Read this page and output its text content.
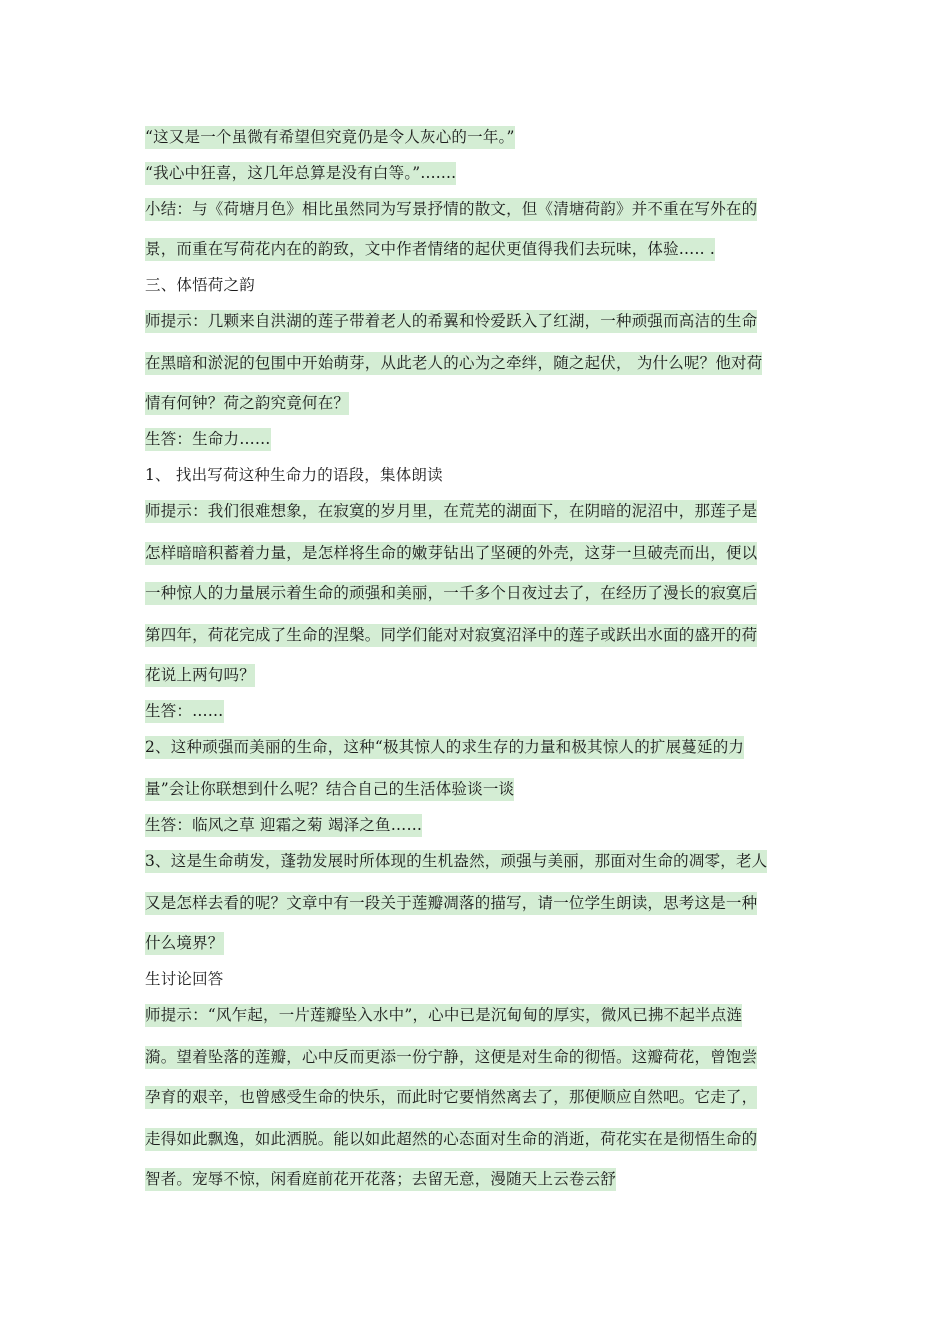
“这又是一个虽微有希望但究竟仍是令人灰心的一年。”
“我心中狂喜，这几年总算是没有白等。”.......
小结：与《荷塘月色》相比虽然同为写景抒情的散文，但《清塘荷韵》并不重在写外在的
景，而重在写荷花内在的韵致，文中作者情绪的起伏更值得我们去玩味，体验….. .
三、体悟荷之韵
师提示：几颗来自洪湖的莲子带着老人的希翼和怜爱跃入了红湖，一种顽强而高洁的生命
在黑暗和淤泥的包围中开始萌芽，从此老人的心为之牵绊，随之起伏， 为什么呢？他对荷
情有何钟？荷之韵究竟何在？
生答：生命力……
1、 找出写荷这种生命力的语段，集体朗读
师提示：我们很难想象，在寂寞的岁月里，在荒芜的湖面下，在阴暗的泥沼中，那莲子是
怎样暗暗积蓄着力量，是怎样将生命的嫩芽钻出了坚硬的外壳，这芽一旦破壳而出，便以
一种惊人的力量展示着生命的顽强和美丽，一千多个日夜过去了，在经历了漫长的寂寞后
第四年，荷花完成了生命的涅槃。同学们能对对寂寞沼泽中的莲子或跃出水面的盛开的荷
花说上两句吗？
生答：……
2、这种顽强而美丽的生命，这种“极其惊人的求生存的力量和极其惊人的扩展蔓延的力
量”会让你联想到什么呢？结合自己的生活体验谈一谈
生答：临风之草 迎霜之菊 竭泽之鱼……
3、这是生命萌发，蓬勃发展时所体现的生机盎然，顽强与美丽，那面对生命的凋零，老人
又是怎样去看的呢？文章中有一段关于莲瓣凋落的描写，请一位学生朗读，思考这是一种
什么境界？
生讨论回答
师提示：“风乍起，一片莲瓣坠入水中”，心中已是沉甸甸的厚实，微风已拂不起半点涟
漪。望着坠落的莲瓣，心中反而更添一份宁静，这便是对生命的彻悟。这瓣荷花，曾饱尝
孕育的艰辛，也曾感受生命的快乐，而此时它要悄然离去了，那便顺应自然吧。它走了，
走得如此飘逸，如此洒脱。能以如此超然的心态面对生命的消逝，荷花实在是彻悟生命的
智者。宠辱不惊，闲看庭前花开花落；去留无意，漫随天上云卷云舒
